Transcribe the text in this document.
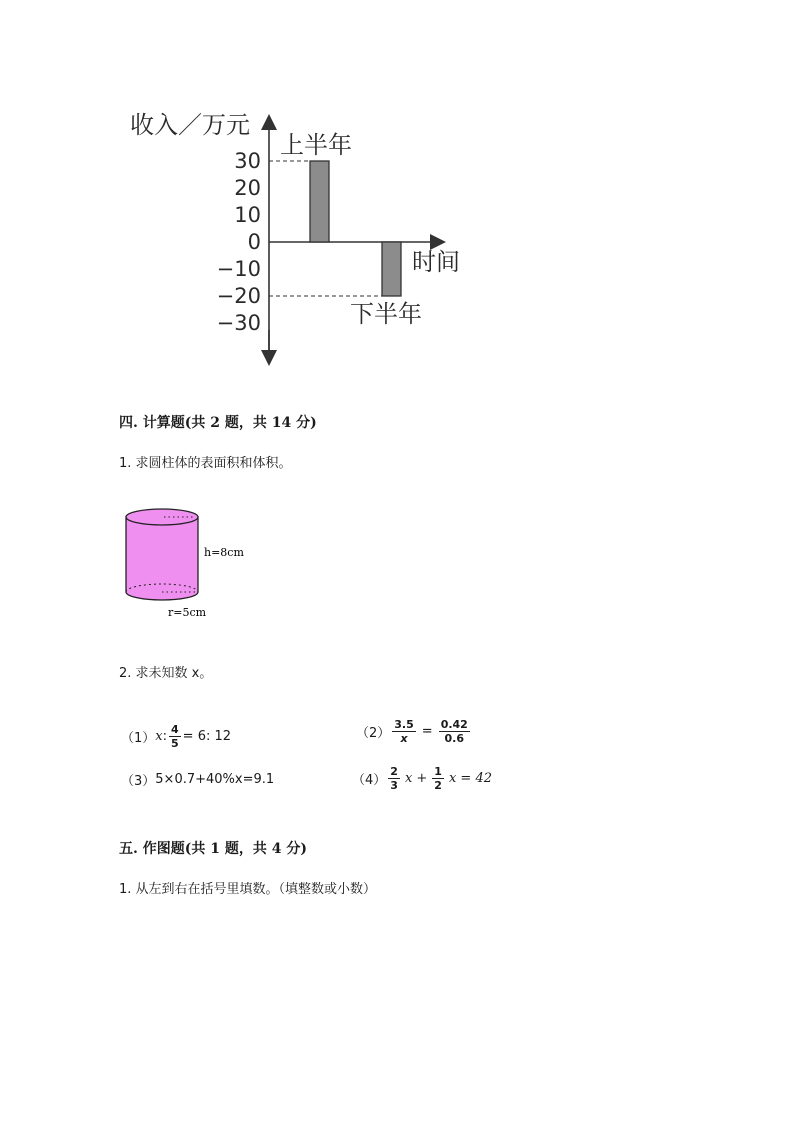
收入／万元
时间
30
20
10
0
−10
−20
−30
上半年
下半年
四. 计算题(共 2 题，共 14 分)
1. 求圆柱体的表面积和体积。
h=8cm
r=5cm
2. 求未知数 x。
（1） x : $\frac{4}{5} = 6$: 12	$(2) \frac{3.5}{x} = \frac{0.42}{0.6}$
（3） 5×0.7+40%x=9.1	$(4) \frac{2}{3}$ $x + \frac{1}{2}$ x = 42
五. 作图题(共 1 题，共 4 分)
1. 从左到右在括号里填数。（填整数或小数）
